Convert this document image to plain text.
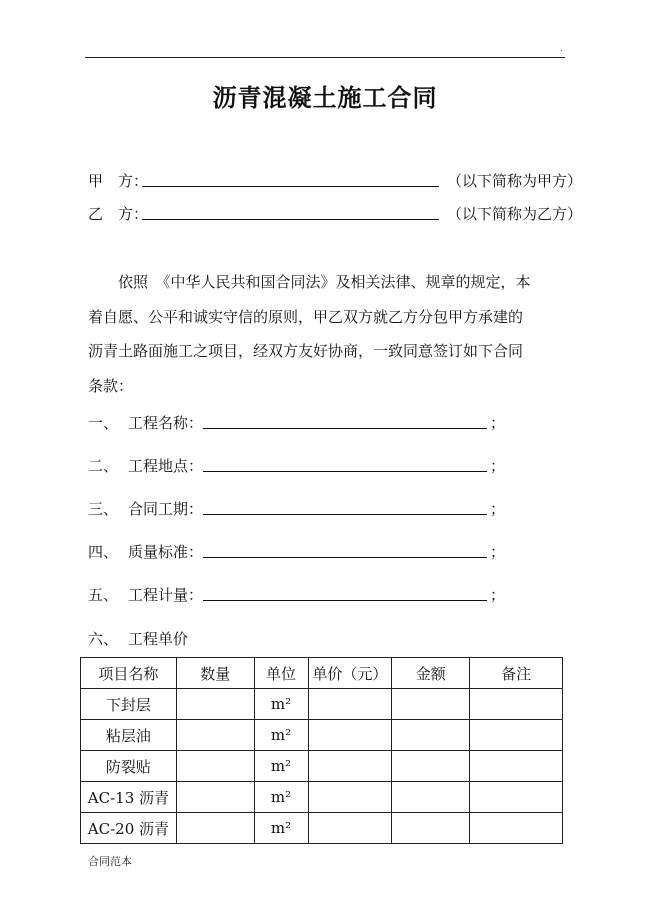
.
沥青混凝土施工合同
甲　方：	（以下简称为甲方）
乙　方：	（以下简称为乙方）
依照　《中华人民共和国合同法》及相关法律、规章的规定，本
着自愿、公平和诚实守信的原则，甲乙双方就乙方分包甲方承建的
沥青土路面施工之项目，经双方友好协商，一致同意签订如下合同
条款：
一、 工程名称：	；
二、 工程地点：	；
三、 合同工期：	；
四、 质量标准：	；
五、 工程计量：	；
六、 工程单价
项目名称	数量	单位	单价（元）	金额	备注
下封层		m²			
粘层油		m²			
防裂贴		m²			
AC-13 沥青		m²			
AC-20 沥青		m²			
合同范本
